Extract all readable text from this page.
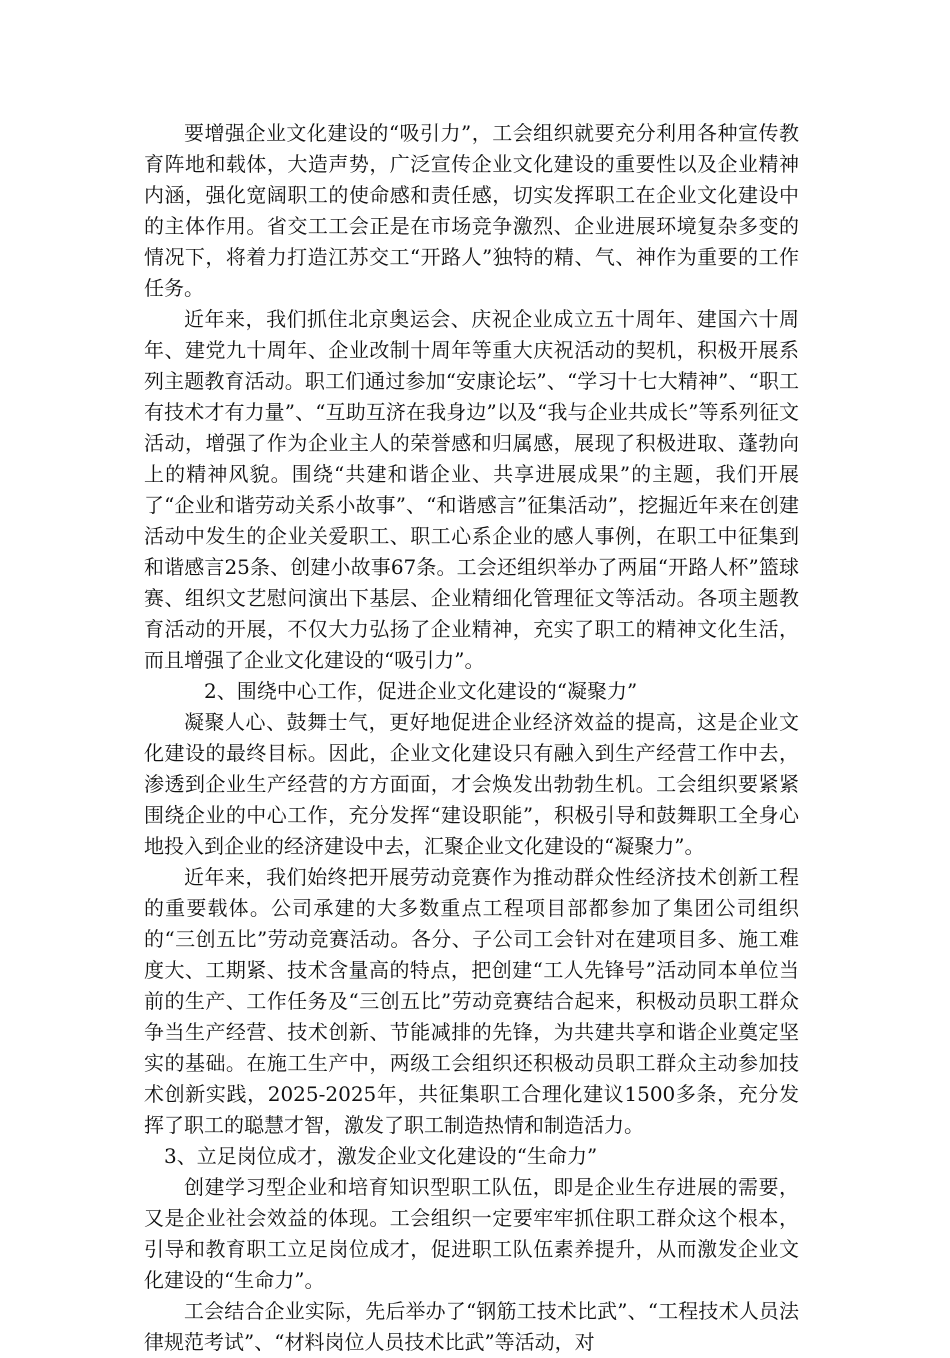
要增强企业文化建设的“吸引力”，工会组织就要充分利用各种宣传教育阵地和载体，大造声势，广泛宣传企业文化建设的重要性以及企业精神内涵，强化宽阔职工的使命感和责任感，切实发挥职工在企业文化建设中的主体作用。省交工工会正是在市场竞争激烈、企业进展环境复杂多变的情况下，将着力打造江苏交工“开路人”独特的精、气、神作为重要的工作任务。

近年来，我们抓住北京奥运会、庆祝企业成立五十周年、建国六十周年、建党九十周年、企业改制十周年等重大庆祝活动的契机，积极开展系列主题教育活动。职工们通过参加“安康论坛”、“学习十七大精神”、“职工有技术才有力量”、“互助互济在我身边”以及“我与企业共成长”等系列征文活动，增强了作为企业主人的荣誉感和归属感，展现了积极进取、蓬勃向上的精神风貌。围绕“共建和谐企业、共享进展成果”的主题，我们开展了“企业和谐劳动关系小故事”、“和谐感言”征集活动”，挖掘近年来在创建活动中发生的企业关爱职工、职工心系企业的感人事例，在职工中征集到和谐感言25条、创建小故事67条。工会还组织举办了两届“开路人杯”篮球赛、组织文艺慰问演出下基层、企业精细化管理征文等活动。各项主题教育活动的开展，不仅大力弘扬了企业精神，充实了职工的精神文化生活，而且增强了企业文化建设的“吸引力”。

2、围绕中心工作，促进企业文化建设的“凝聚力”

凝聚人心、鼓舞士气，更好地促进企业经济效益的提高，这是企业文化建设的最终目标。因此，企业文化建设只有融入到生产经营工作中去，渗透到企业生产经营的方方面面，才会焕发出勃勃生机。工会组织要紧紧围绕企业的中心工作，充分发挥“建设职能”，积极引导和鼓舞职工全身心地投入到企业的经济建设中去，汇聚企业文化建设的“凝聚力”。

近年来，我们始终把开展劳动竞赛作为推动群众性经济技术创新工程的重要载体。公司承建的大多数重点工程项目部都参加了集团公司组织的“三创五比”劳动竞赛活动。各分、子公司工会针对在建项目多、施工难度大、工期紧、技术含量高的特点，把创建“工人先锋号”活动同本单位当前的生产、工作任务及“三创五比”劳动竞赛结合起来，积极动员职工群众争当生产经营、技术创新、节能减排的先锋，为共建共享和谐企业奠定坚实的基础。在施工生产中，两级工会组织还积极动员职工群众主动参加技术创新实践，2025-2025年，共征集职工合理化建议1500多条，充分发挥了职工的聪慧才智，激发了职工制造热情和制造活力。

3、立足岗位成才，激发企业文化建设的“生命力”

创建学习型企业和培育知识型职工队伍，即是企业生存进展的需要，又是企业社会效益的体现。工会组织一定要牢牢抓住职工群众这个根本，引导和教育职工立足岗位成才，促进职工队伍素养提升，从而激发企业文化建设的“生命力”。

工会结合企业实际，先后举办了“钢筋工技术比武”、“工程技术人员法律规范考试”、“材料岗位人员技术比武”等活动，对
